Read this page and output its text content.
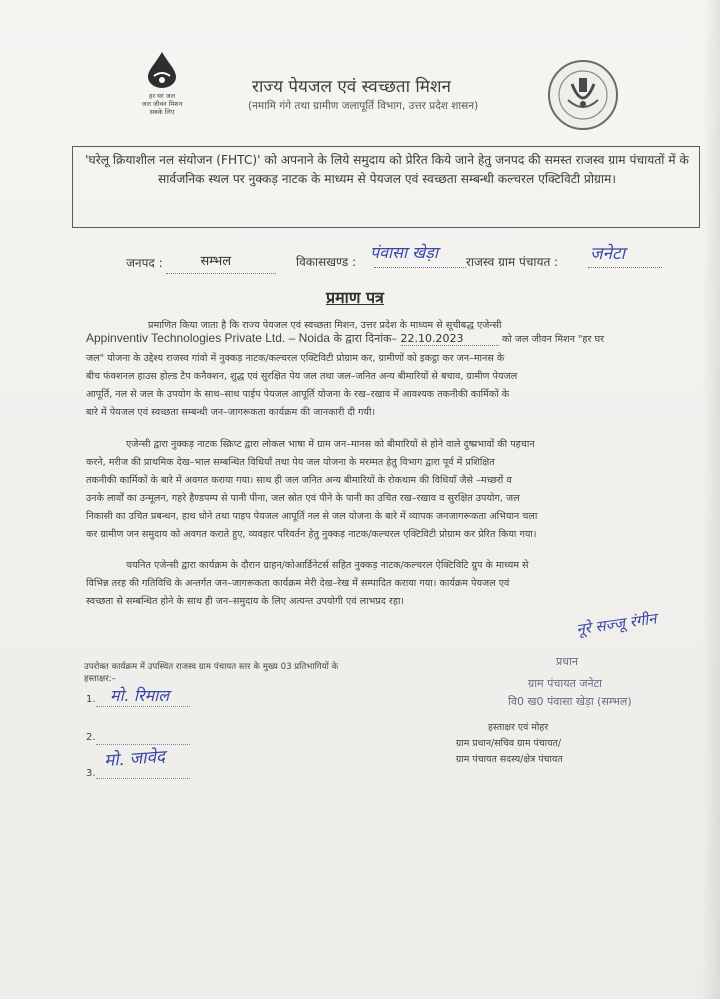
हर घर जल
जल जीवन मिशन
सबके लिए
राज्य पेयजल एवं स्वच्छता मिशन
(नमामि गंगे तथा ग्रामीण जलापूर्ति विभाग, उत्तर प्रदेश शासन)
'घरेलू क्रियाशील नल संयोजन (FHTC)' को अपनाने के लिये समुदाय को प्रेरित किये जाने हेतु जनपद की समस्त राजस्व ग्राम पंचायतों में के सार्वजनिक स्थल पर नुक्कड़ नाटक के माध्यम से पेयजल एवं स्वच्छता सम्बन्धी कल्चरल एक्टिविटी प्रोग्राम।
जनपद :	सम्भल	विकासखण्ड : पंवासा खेड़ा राजस्व ग्राम पंचायत : जनेटा
प्रमाण पत्र
प्रमाणित किया जाता है कि राज्य पेयजल एवं स्वच्छता मिशन, उत्तर प्रदेश के माध्यम से सूचीबद्ध एजेन्सी
Appinventiv Technologies Private Ltd. – Noida के द्वारा दिनांक– 22.10.2023	को जल जीवन मिशन "हर घर
जल" योजना के उद्देश्य राजस्व गांवो में नुक्कड़ नाटक/कल्चरल एक्टिविटी प्रोग्राम कर, ग्रामीणों को इकट्ठा कर जन–मानस के
बीच फंक्शनल हाउस होल्ड टैप कनैक्शन, शुद्ध एवं सुरक्षित पेय जल तथा जल–जनित अन्य बीमारियों से बचाव, ग्रामीण पेयजल
आपूर्ति, नल से जल के उपयोग के साथ–साथ पाईप पेयजल आपूर्ति योजना के रख–रखाव में आवश्यक तकनीकी कार्मिकों के
बारे में पेयजल एवं स्वच्छता सम्बन्धी जन–जागरूकता कार्यक्रम की जानकारी दी गयी।
एजेन्सी द्वारा नुक्कड़ नाटक स्क्रिप्ट द्वारा लोकल भाषा में ग्राम जन–मानस को बीमारियों से होने वाले दुष्प्रभावों की पहचान
करने, मरीज की प्राथमिक देख–भाल सम्बन्धित विधियाँ तथा पेय जल योजना के मरम्मत हेतु विभाग द्वारा पूर्व में प्रशिक्षित
तकनीकी कार्मिकों के बारे में अवगत कराया गया। साथ ही जल जनित अन्य बीमारियों के रोकथाम की विधियाँ जैसे –मच्छरों व
उनके लार्वों का उन्मूलन, गहरे हैण्डपम्प से पानी पीना, जल स्रोत एवं पीने के पानी का उचित रख–रखाव व सुरक्षित उपयोग, जल
निकासी का उचित प्रबन्धन, हाथ धोने तथा पाइप पेयजल आपूर्ति नल से जल योजना के बारे में व्यापक जनजागरूकता अभियान चला
कर ग्रामीण जन समुदाय को अवगत कराते हुए, व्यवहार परिवर्तन हेतु नुक्कड़ नाटक/कल्चरल एक्टिविटी प्रोग्राम कर प्रेरित किया गया।
चयनित एजेन्सी द्वारा कार्यक्रम के दौरान ग्राहन/कोआर्डिनेटर्स सहित नुक्कड़ नाटक/कल्चरल ऐक्टिविटि ग्रुप के माध्यम से
विभिन्न तरह की गतिविधि के अन्तर्गत जन–जागरूकता कार्यक्रम मेरी देख–रेख में सम्पादित कराया गया। कार्यक्रम पेयजल एवं
स्वच्छता से सम्बन्धित होने के साथ ही जन–समुदाय के लिए अत्यन्त उपयोगी एवं लाभप्रद रहा।
नूरे सज्जू रंगीन
प्रधान
ग्राम पंचायत जनेटा
वि0 ख0 पंवासा खेड़ा (सम्भल)
उपरोक्त कार्यक्रम में उपस्थित राजस्व ग्राम पंचायत स्तर के मुख्य 03 प्रतिभागियों के
हस्ताक्षर:–
1. मो. रिमाल
2.
3.
मो. जावेद
हस्ताक्षर एवं मोहर
ग्राम प्रधान/सचिव ग्राम पंचायत/
ग्राम पंचायत सदस्य/क्षेत्र पंचायत
